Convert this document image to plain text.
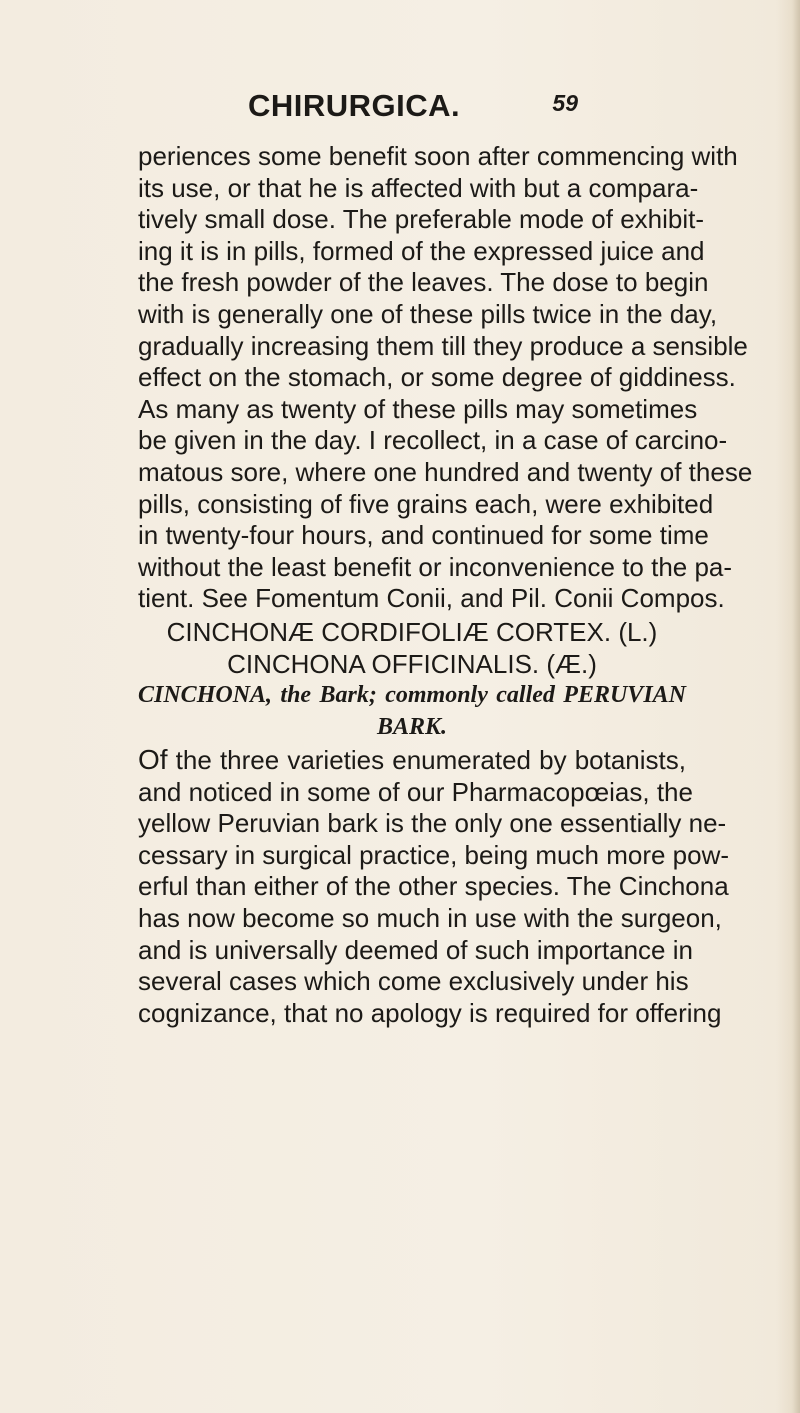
CHIRURGICA.	59

periences some benefit soon after commencing with
its use, or that he is affected with but a compara-
tively small dose. The preferable mode of exhibit-
ing it is in pills, formed of the expressed juice and
the fresh powder of the leaves. The dose to begin
with is generally one of these pills twice in the day,
gradually increasing them till they produce a sensible
effect on the stomach, or some degree of giddiness.
As many as twenty of these pills may sometimes
be given in the day. I recollect, in a case of carcino-
matous sore, where one hundred and twenty of these
pills, consisting of five grains each, were exhibited
in twenty-four hours, and continued for some time
without the least benefit or inconvenience to the pa-
tient. See Fomentum Conii, and Pil. Conii Compos.

CINCHONÆ CORDIFOLIÆ CORTEX. (L.)
CINCHONA OFFICINALIS. (Æ.)
CINCHONA, the Bark; commonly called PERUVIAN
BARK.

Of the three varieties enumerated by botanists,
and noticed in some of our Pharmacopœias, the
yellow Peruvian bark is the only one essentially ne-
cessary in surgical practice, being much more pow-
erful than either of the other species. The Cinchona
has now become so much in use with the surgeon,
and is universally deemed of such importance in
several cases which come exclusively under his
cognizance, that no apology is required for offering
